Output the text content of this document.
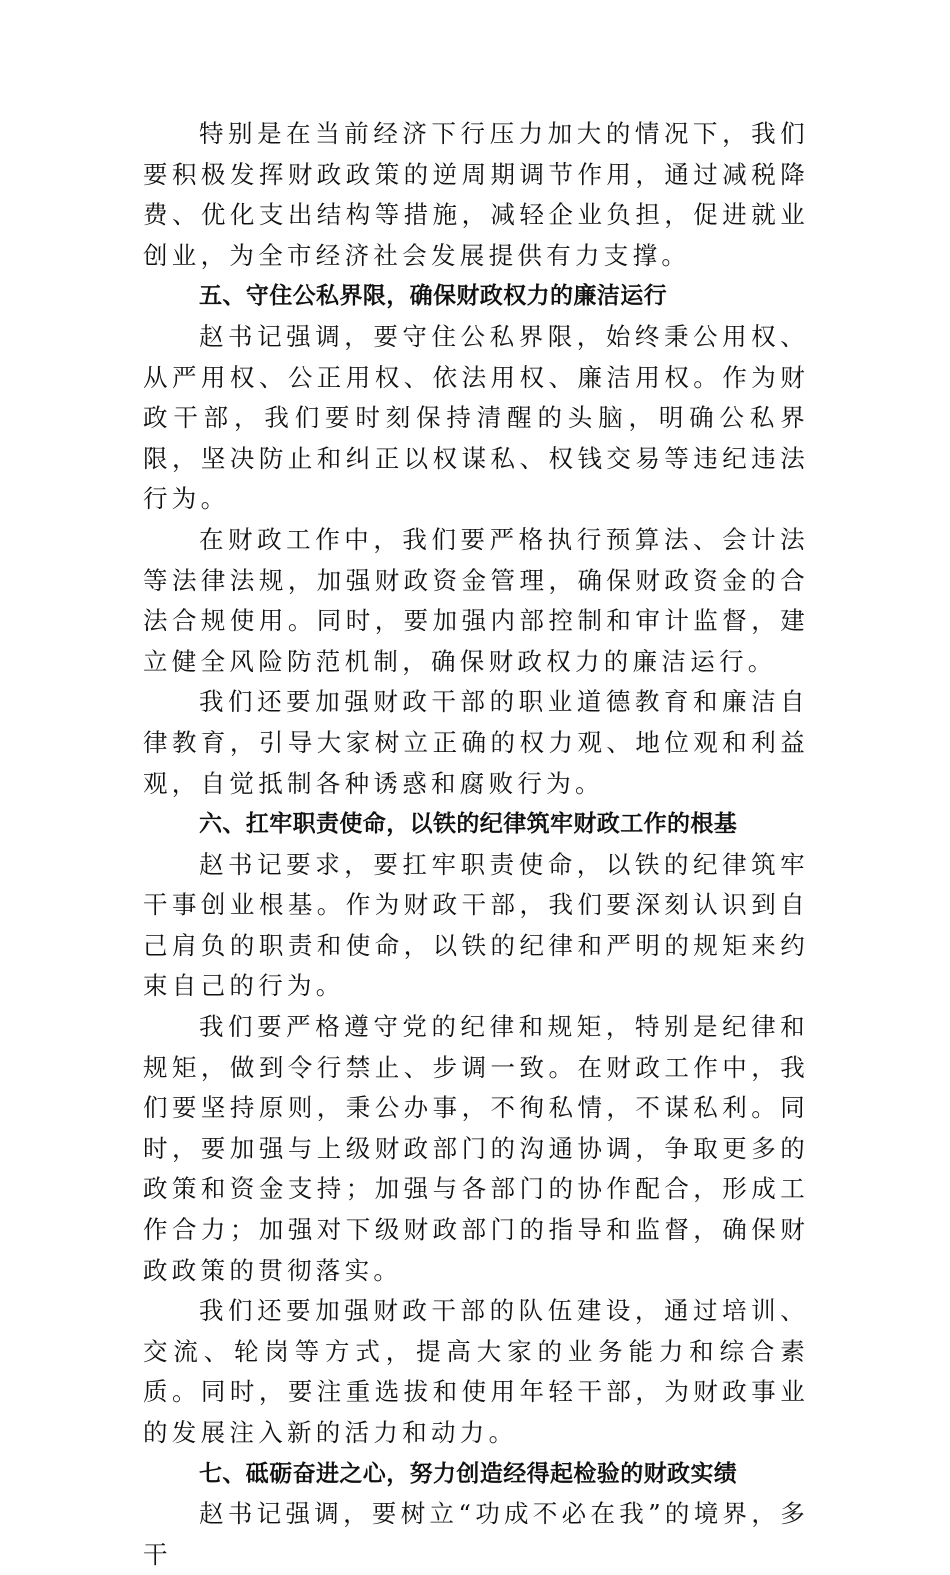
特别是在当前经济下行压力加大的情况下，我们要积极发挥财政政策的逆周期调节作用，通过减税降费、优化支出结构等措施，减轻企业负担，促进就业创业，为全市经济社会发展提供有力支撑。

五、守住公私界限，确保财政权力的廉洁运行

赵书记强调，要守住公私界限，始终秉公用权、从严用权、公正用权、依法用权、廉洁用权。作为财政干部，我们要时刻保持清醒的头脑，明确公私界限，坚决防止和纠正以权谋私、权钱交易等违纪违法行为。

在财政工作中，我们要严格执行预算法、会计法等法律法规，加强财政资金管理，确保财政资金的合法合规使用。同时，要加强内部控制和审计监督，建立健全风险防范机制，确保财政权力的廉洁运行。

我们还要加强财政干部的职业道德教育和廉洁自律教育，引导大家树立正确的权力观、地位观和利益观，自觉抵制各种诱惑和腐败行为。

六、扛牢职责使命，以铁的纪律筑牢财政工作的根基

赵书记要求，要扛牢职责使命，以铁的纪律筑牢干事创业根基。作为财政干部，我们要深刻认识到自己肩负的职责和使命，以铁的纪律和严明的规矩来约束自己的行为。

我们要严格遵守党的纪律和规矩，特别是纪律和规矩，做到令行禁止、步调一致。在财政工作中，我们要坚持原则，秉公办事，不徇私情，不谋私利。同时，要加强与上级财政部门的沟通协调，争取更多的政策和资金支持；加强与各部门的协作配合，形成工作合力；加强对下级财政部门的指导和监督，确保财政政策的贯彻落实。

我们还要加强财政干部的队伍建设，通过培训、交流、轮岗等方式，提高大家的业务能力和综合素质。同时，要注重选拔和使用年轻干部，为财政事业的发展注入新的活力和动力。

七、砥砺奋进之心，努力创造经得起检验的财政实绩

赵书记强调，要树立“功成不必在我”的境界，多干
